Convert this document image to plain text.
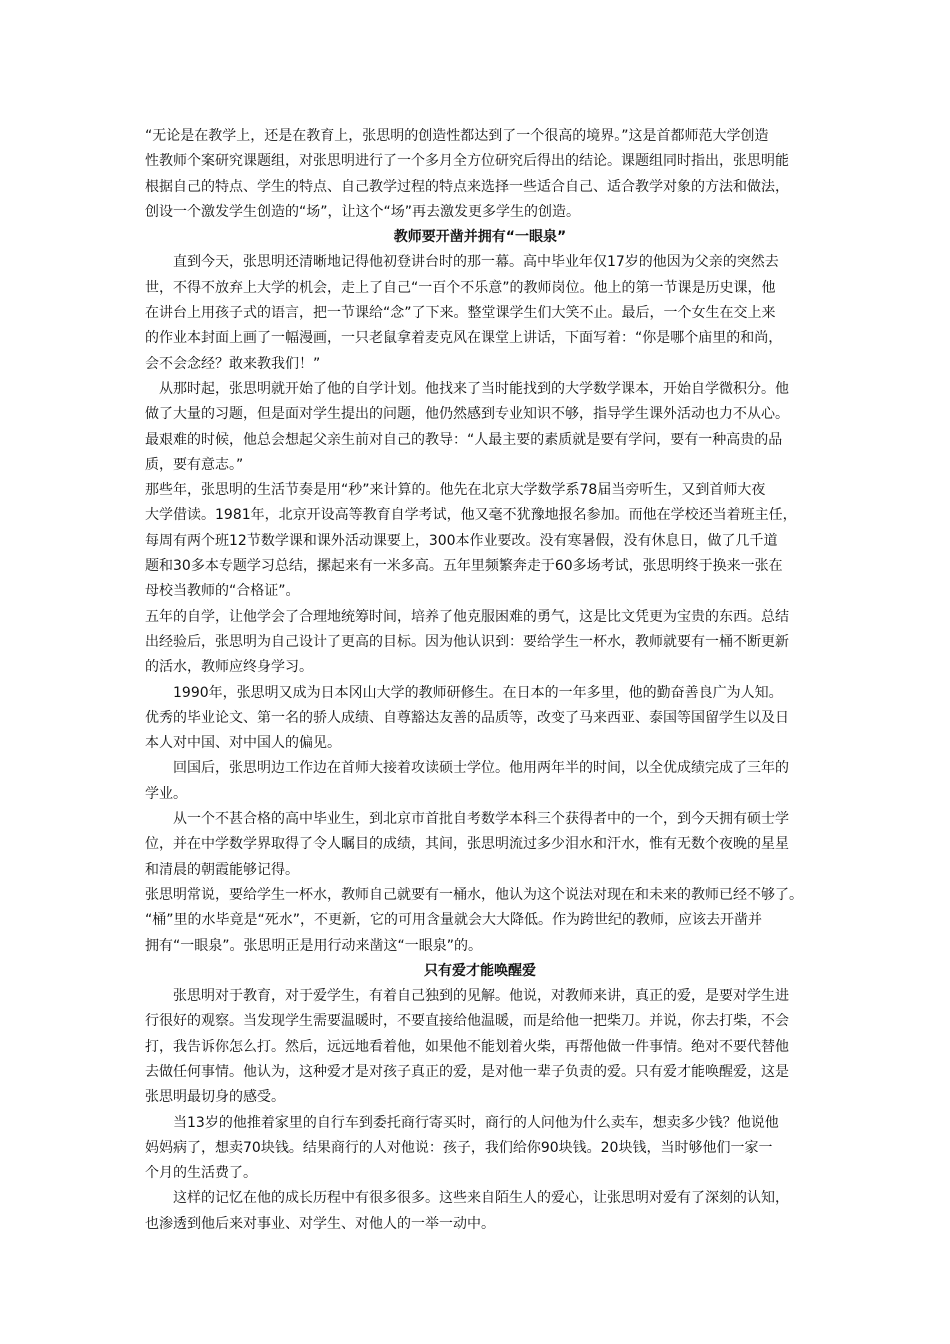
“无论是在教学上，还是在教育上，张思明的创造性都达到了一个很高的境界。”这是首都师范大学创造
性教师个案研究课题组，对张思明进行了一个多月全方位研究后得出的结论。课题组同时指出，张思明能
根据自己的特点、学生的特点、自己教学过程的特点来选择一些适合自己、适合教学对象的方法和做法，
创设一个激发学生创造的“场”，让这个“场”再去激发更多学生的创造。
教师要开凿并拥有“一眼泉”
　　直到今天，张思明还清晰地记得他初登讲台时的那一幕。高中毕业年仅17岁的他因为父亲的突然去
世，不得不放弃上大学的机会，走上了自己“一百个不乐意”的教师岗位。他上的第一节课是历史课，他
在讲台上用孩子式的语言，把一节课给“念”了下来。整堂课学生们大笑不止。最后，一个女生在交上来
的作业本封面上画了一幅漫画，一只老鼠拿着麦克风在课堂上讲话，下面写着：“你是哪个庙里的和尚，
会不会念经？敢来教我们！”
　从那时起，张思明就开始了他的自学计划。他找来了当时能找到的大学数学课本，开始自学微积分。他
做了大量的习题，但是面对学生提出的问题，他仍然感到专业知识不够，指导学生课外活动也力不从心。
最艰难的时候，他总会想起父亲生前对自己的教导：“人最主要的素质就是要有学问，要有一种高贵的品
质，要有意志。”
那些年，张思明的生活节奏是用“秒”来计算的。他先在北京大学数学系78届当旁听生，又到首师大夜
大学借读。1981年，北京开设高等教育自学考试，他又毫不犹豫地报名参加。而他在学校还当着班主任，
每周有两个班12节数学课和课外活动课要上，300本作业要改。没有寒暑假，没有休息日，做了几千道
题和30多本专题学习总结，摞起来有一米多高。五年里频繁奔走于60多场考试，张思明终于换来一张在
母校当教师的“合格证”。
五年的自学，让他学会了合理地统筹时间，培养了他克服困难的勇气，这是比文凭更为宝贵的东西。总结
出经验后，张思明为自己设计了更高的目标。因为他认识到：要给学生一杯水，教师就要有一桶不断更新
的活水，教师应终身学习。
　　1990年，张思明又成为日本冈山大学的教师研修生。在日本的一年多里，他的勤奋善良广为人知。
优秀的毕业论文、第一名的骄人成绩、自尊豁达友善的品质等，改变了马来西亚、泰国等国留学生以及日
本人对中国、对中国人的偏见。
　　回国后，张思明边工作边在首师大接着攻读硕士学位。他用两年半的时间，以全优成绩完成了三年的
学业。
　　从一个不甚合格的高中毕业生，到北京市首批自考数学本科三个获得者中的一个，到今天拥有硕士学
位，并在中学数学界取得了令人瞩目的成绩，其间，张思明流过多少泪水和汗水，惟有无数个夜晚的星星
和清晨的朝霞能够记得。
张思明常说，要给学生一杯水，教师自己就要有一桶水，他认为这个说法对现在和未来的教师已经不够了。
“桶”里的水毕竟是“死水”，不更新，它的可用含量就会大大降低。作为跨世纪的教师，应该去开凿并
拥有“一眼泉”。张思明正是用行动来凿这“一眼泉”的。
只有爱才能唤醒爱
　　张思明对于教育，对于爱学生，有着自己独到的见解。他说，对教师来讲，真正的爱，是要对学生进
行很好的观察。当发现学生需要温暖时，不要直接给他温暖，而是给他一把柴刀。并说，你去打柴，不会
打，我告诉你怎么打。然后，远远地看着他，如果他不能划着火柴，再帮他做一件事情。绝对不要代替他
去做任何事情。他认为，这种爱才是对孩子真正的爱，是对他一辈子负责的爱。只有爱才能唤醒爱，这是
张思明最切身的感受。
　　当13岁的他推着家里的自行车到委托商行寄买时，商行的人问他为什么卖车，想卖多少钱？他说他
妈妈病了，想卖70块钱。结果商行的人对他说：孩子，我们给你90块钱。20块钱，当时够他们一家一
个月的生活费了。
　　这样的记忆在他的成长历程中有很多很多。这些来自陌生人的爱心，让张思明对爱有了深刻的认知，
也渗透到他后来对事业、对学生、对他人的一举一动中。
